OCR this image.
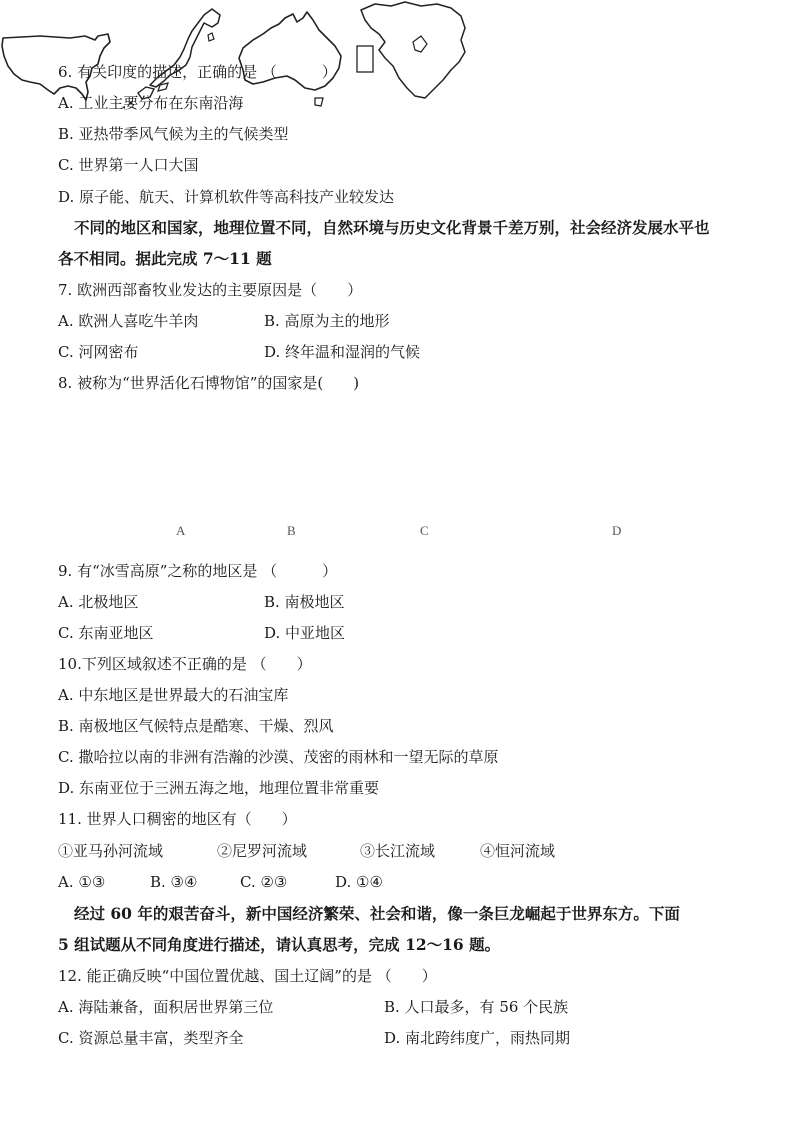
6. 有关印度的描述，正确的是 （　　　）
A. 工业主要分布在东南沿海
B. 亚热带季风气候为主的气候类型
C. 世界第一人口大国
D. 原子能、航天、计算机软件等高科技产业较发达
不同的地区和国家，地理位置不同，自然环境与历史文化背景千差万别，社会经济发展水平也
各不相同。据此完成 7～11 题
7. 欧洲西部畜牧业发达的主要原因是（　　）
A. 欧洲人喜吃牛羊肉	B. 高原为主的地形
C. 河网密布	D. 终年温和湿润的气候
8. 被称为“世界活化石博物馆”的国家是(　　)

A	B	C	D
9. 有“冰雪高原”之称的地区是 （　　　）
A. 北极地区	B. 南极地区
C. 东南亚地区	D. 中亚地区
10.下列区域叙述不正确的是 （　　）
A. 中东地区是世界最大的石油宝库
B. 南极地区气候特点是酷寒、干燥、烈风
C. 撒哈拉以南的非洲有浩瀚的沙漠、茂密的雨林和一望无际的草原
D. 东南亚位于三洲五海之地，地理位置非常重要
11. 世界人口稠密的地区有（　　）
①亚马孙河流域	②尼罗河流域	③长江流域	④恒河流域
A. ①③	B. ③④	C. ②③	D. ①④
经过 60 年的艰苦奋斗，新中国经济繁荣、社会和谐，像一条巨龙崛起于世界东方。下面
5 组试题从不同角度进行描述，请认真思考，完成 12～16 题。
12. 能正确反映“中国位置优越、国土辽阔”的是 （　　）
A. 海陆兼备，面积居世界第三位	B. 人口最多，有 56 个民族
C. 资源总量丰富，类型齐全	D. 南北跨纬度广，雨热同期
